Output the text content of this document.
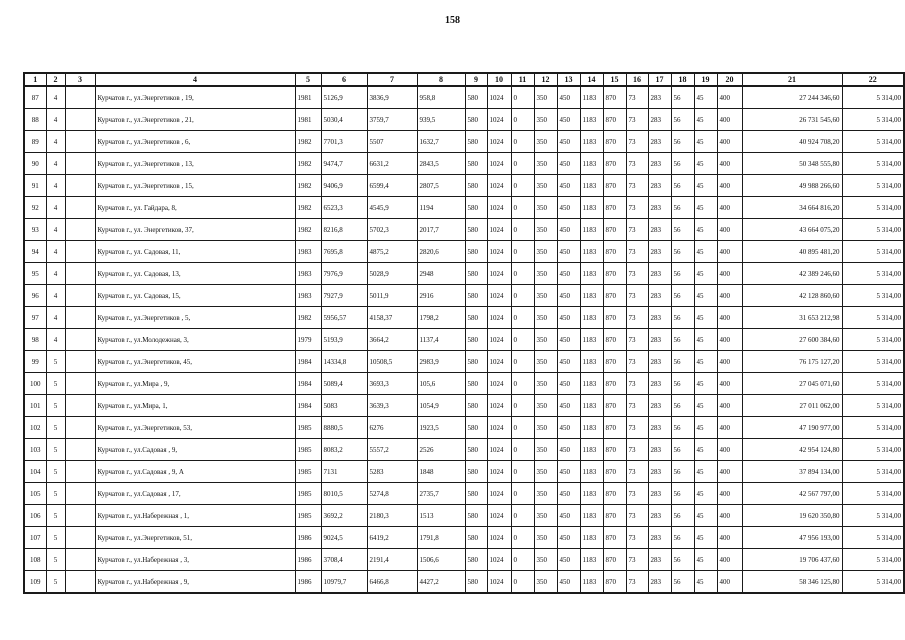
158
1	2	3	4	5	6	7	8	9	10	11	12	13	14	15	16	17	18	19	20	21	22
87	4		Курчатов г., ул.Энергетиков , 19,	1981	5126,9	3836,9	958,8	580	1024	0	350	450	1183	870	73	283	56	45	400	27 244 346,60	5 314,00
88	4		Курчатов г., ул.Энергетиков , 21,	1981	5030,4	3759,7	939,5	580	1024	0	350	450	1183	870	73	283	56	45	400	26 731 545,60	5 314,00
89	4		Курчатов г., ул.Энергетиков , 6,	1982	7701,3	5507	1632,7	580	1024	0	350	450	1183	870	73	283	56	45	400	40 924 708,20	5 314,00
90	4		Курчатов г., ул.Энергетиков , 13,	1982	9474,7	6631,2	2843,5	580	1024	0	350	450	1183	870	73	283	56	45	400	50 348 555,80	5 314,00
91	4		Курчатов г., ул.Энергетиков , 15,	1982	9406,9	6599,4	2807,5	580	1024	0	350	450	1183	870	73	283	56	45	400	49 988 266,60	5 314,00
92	4		Курчатов г., ул. Гайдара, 8,	1982	6523,3	4545,9	1194	580	1024	0	350	450	1183	870	73	283	56	45	400	34 664 816,20	5 314,00
93	4		Курчатов г., ул. Энергетиков, 37,	1982	8216,8	5702,3	2017,7	580	1024	0	350	450	1183	870	73	283	56	45	400	43 664 075,20	5 314,00
94	4		Курчатов г., ул. Садовая, 11,	1983	7695,8	4875,2	2820,6	580	1024	0	350	450	1183	870	73	283	56	45	400	40 895 481,20	5 314,00
95	4		Курчатов г., ул. Садовая, 13,	1983	7976,9	5028,9	2948	580	1024	0	350	450	1183	870	73	283	56	45	400	42 389 246,60	5 314,00
96	4		Курчатов г., ул. Садовая, 15,	1983	7927,9	5011,9	2916	580	1024	0	350	450	1183	870	73	283	56	45	400	42 128 860,60	5 314,00
97	4		Курчатов г., ул.Энергетиков , 5,	1982	5956,57	4158,37	1798,2	580	1024	0	350	450	1183	870	73	283	56	45	400	31 653 212,98	5 314,00
98	4		Курчатов г., ул.Молодежная, 3,	1979	5193,9	3664,2	1137,4	580	1024	0	350	450	1183	870	73	283	56	45	400	27 600 384,60	5 314,00
99	5		Курчатов г., ул.Энергетиков, 45,	1984	14334,8	10508,5	2983,9	580	1024	0	350	450	1183	870	73	283	56	45	400	76 175 127,20	5 314,00
100	5		Курчатов г., ул.Мира , 9,	1984	5089,4	3693,3	105,6	580	1024	0	350	450	1183	870	73	283	56	45	400	27 045 071,60	5 314,00
101	5		Курчатов г., ул.Мира, 1,	1984	5083	3639,3	1054,9	580	1024	0	350	450	1183	870	73	283	56	45	400	27 011 062,00	5 314,00
102	5		Курчатов г., ул.Энергетиков, 53,	1985	8880,5	6276	1923,5	580	1024	0	350	450	1183	870	73	283	56	45	400	47 190 977,00	5 314,00
103	5		Курчатов г., ул.Садовая , 9,	1985	8083,2	5557,2	2526	580	1024	0	350	450	1183	870	73	283	56	45	400	42 954 124,80	5 314,00
104	5		Курчатов г., ул.Садовая , 9, А	1985	7131	5283	1848	580	1024	0	350	450	1183	870	73	283	56	45	400	37 894 134,00	5 314,00
105	5		Курчатов г., ул.Садовая , 17,	1985	8010,5	5274,8	2735,7	580	1024	0	350	450	1183	870	73	283	56	45	400	42 567 797,00	5 314,00
106	5		Курчатов г., ул.Набережная , 1,	1985	3692,2	2180,3	1513	580	1024	0	350	450	1183	870	73	283	56	45	400	19 620 350,80	5 314,00
107	5		Курчатов г., ул.Энергетиков, 51,	1986	9024,5	6419,2	1791,8	580	1024	0	350	450	1183	870	73	283	56	45	400	47 956 193,00	5 314,00
108	5		Курчатов г., ул.Набережная , 3,	1986	3708,4	2191,4	1506,6	580	1024	0	350	450	1183	870	73	283	56	45	400	19 706 437,60	5 314,00
109	5		Курчатов г., ул.Набережная , 9,	1986	10979,7	6466,8	4427,2	580	1024	0	350	450	1183	870	73	283	56	45	400	58 346 125,80	5 314,00
